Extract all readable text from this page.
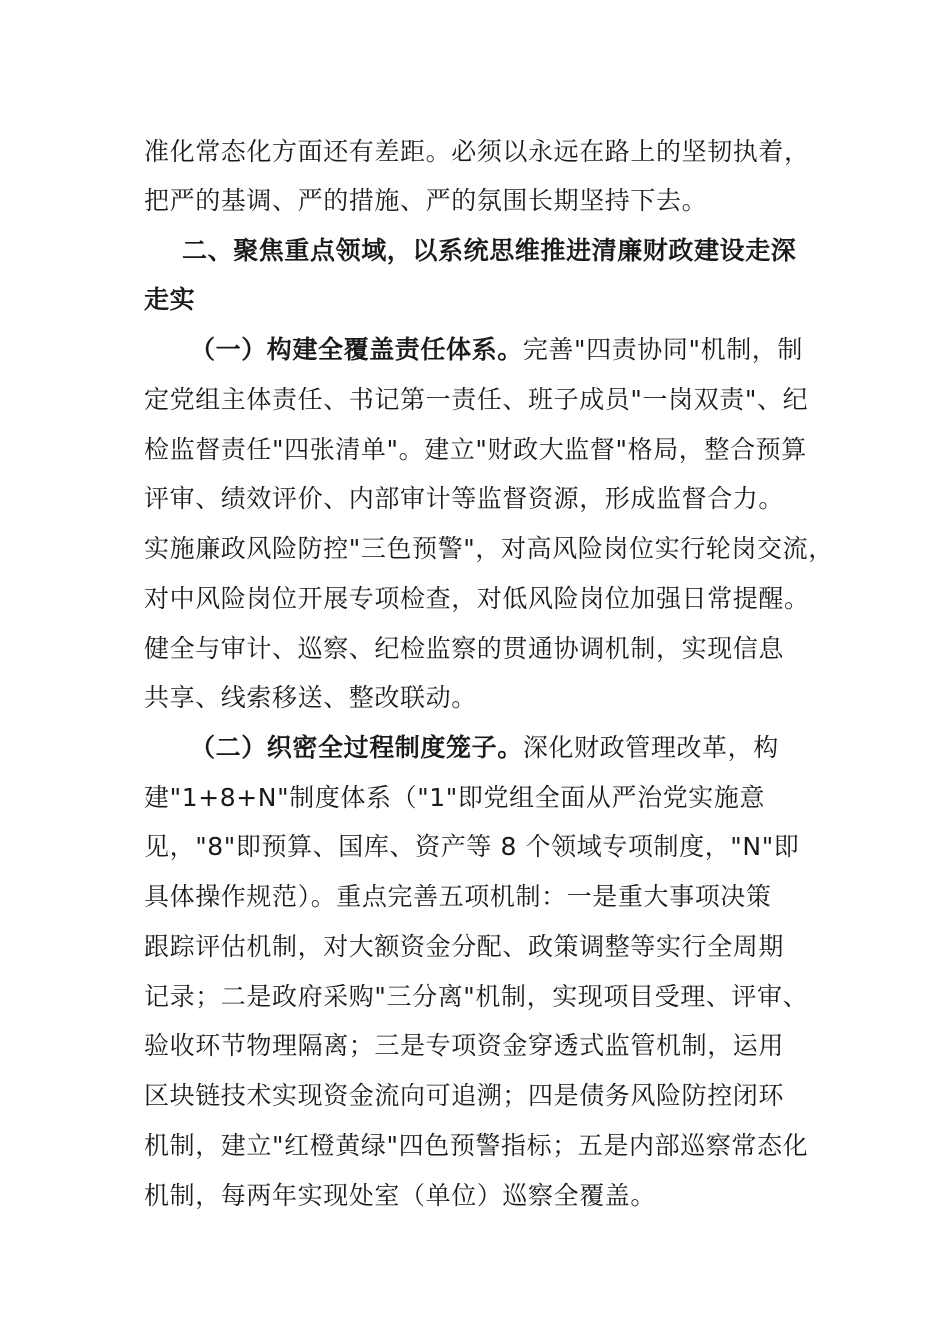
准化常态化方面还有差距。必须以永远在路上的坚韧执着，
把严的基调、严的措施、严的氛围长期坚持下去。
二、聚焦重点领域，以系统思维推进清廉财政建设走深
走实
（一）构建全覆盖责任体系。完善"四责协同"机制，制
定党组主体责任、书记第一责任、班子成员"一岗双责"、纪
检监督责任"四张清单"。建立"财政大监督"格局，整合预算
评审、绩效评价、内部审计等监督资源，形成监督合力。
实施廉政风险防控"三色预警"，对高风险岗位实行轮岗交流，
对中风险岗位开展专项检查，对低风险岗位加强日常提醒。
健全与审计、巡察、纪检监察的贯通协调机制，实现信息
共享、线索移送、整改联动。
（二）织密全过程制度笼子。深化财政管理改革，构
建"1+8+N"制度体系（"1"即党组全面从严治党实施意
见，"8"即预算、国库、资产等 8 个领域专项制度，"N"即
具体操作规范）。重点完善五项机制：一是重大事项决策
跟踪评估机制，对大额资金分配、政策调整等实行全周期
记录；二是政府采购"三分离"机制，实现项目受理、评审、
验收环节物理隔离；三是专项资金穿透式监管机制，运用
区块链技术实现资金流向可追溯；四是债务风险防控闭环
机制，建立"红橙黄绿"四色预警指标；五是内部巡察常态化
机制，每两年实现处室（单位）巡察全覆盖。
